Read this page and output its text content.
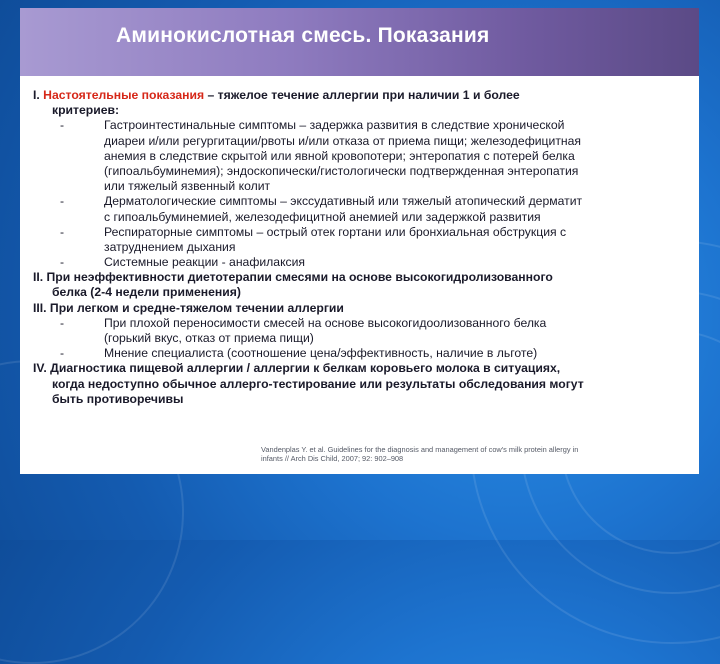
Аминокислотная смесь. Показания
I. Настоятельные показания – тяжелое течение аллергии при наличии 1 и более
критериев:
-	Гастроинтестинальные симптомы – задержка развития в следствие хронической
диареи и/или регургитации/рвоты и/или отказа от приема пищи; железодефицитная
анемия в следствие скрытой или явной кровопотери; энтеропатия с потерей белка
(гипоальбуминемия); эндоскопически/гистологически подтвержденная энтеропатия
или тяжелый язвенный колит
-	Дерматологические симптомы – экссудативный или тяжелый атопический дерматит
с гипоальбуминемией, железодефицитной анемией или задержкой развития
-	Респираторные симптомы – острый отек гортани или бронхиальная обструкция с
затруднением дыхания
-	Системные реакции - анафилаксия
II. При неэффективности диетотерапии смесями на основе высокогидролизованного
белка (2-4 недели применения)
III. При легком и средне-тяжелом течении аллергии
-	При плохой переносимости смесей на основе высокогидоолизованного белка
(горький вкус, отказ от приема пищи)
-	Мнение специалиста (соотношение цена/эффективность, наличие в льготе)
IV. Диагностика пищевой аллергии / аллергии к белкам коровьего молока в ситуациях,
когда недоступно обычное аллерго-тестирование или результаты обследования могут
быть противоречивы
Vandenplas Y. et al. Guidelines for the diagnosis and management of cow's milk protein allergy in
infants // Arch Dis Child, 2007; 92: 902–908
